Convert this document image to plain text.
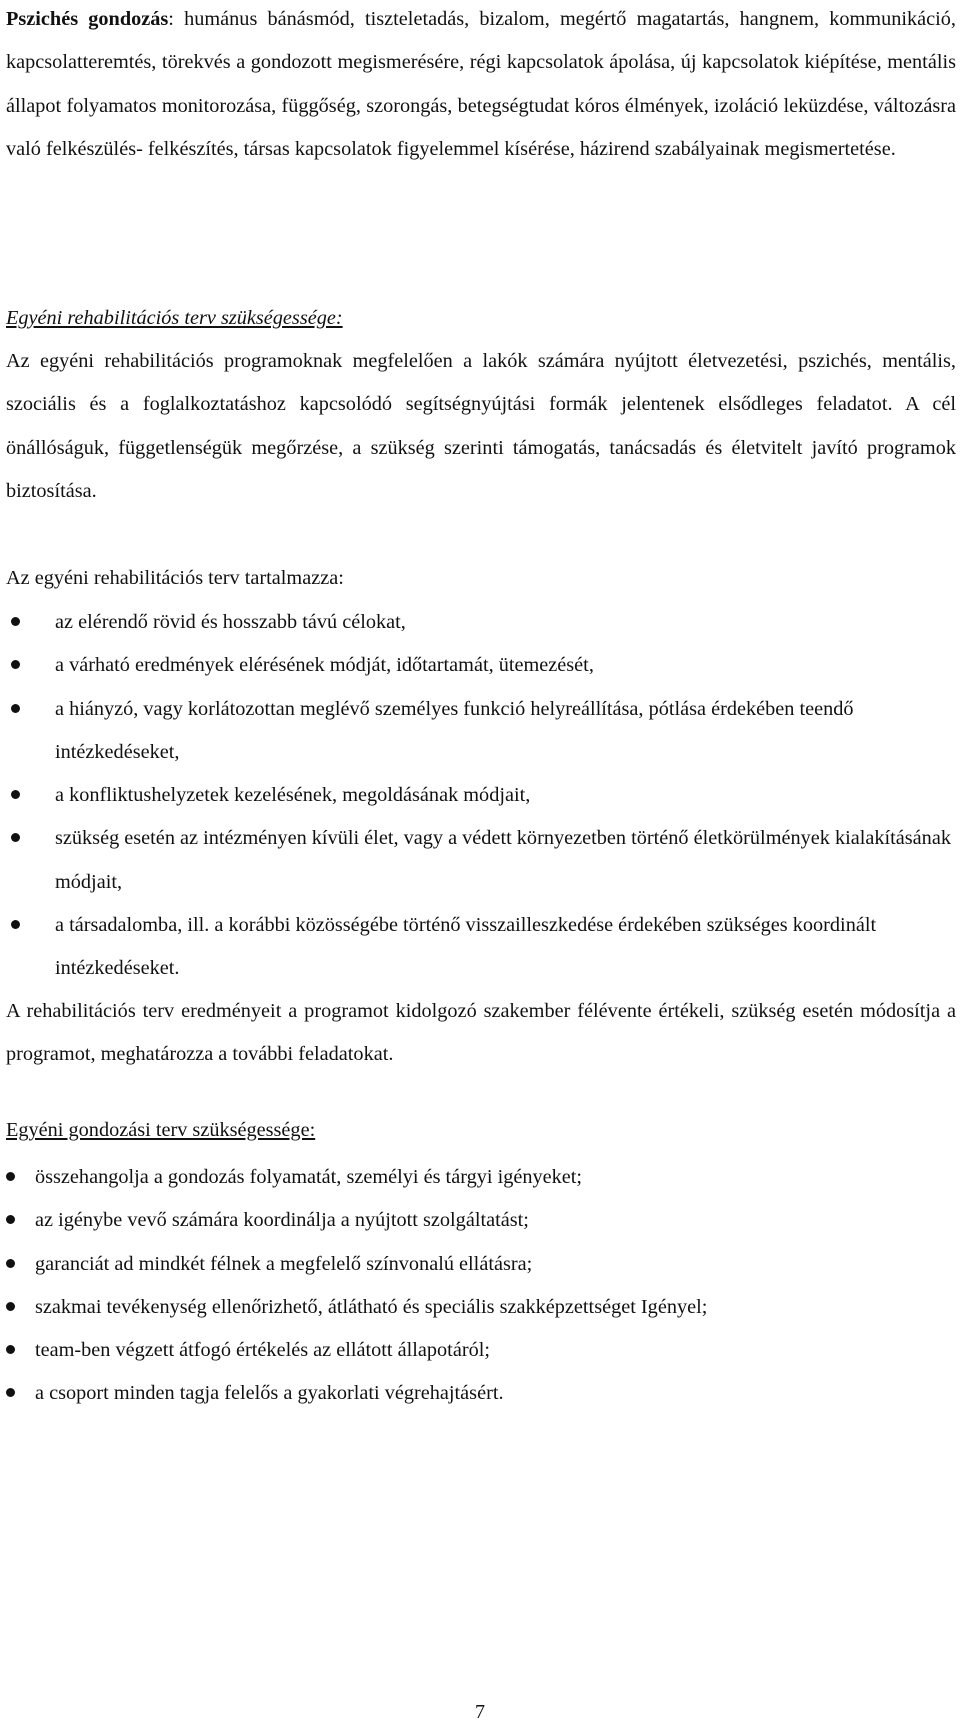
Pszichés gondozás: humánus bánásmód, tiszteletadás, bizalom, megértő magatartás, hangnem, kommunikáció, kapcsolatteremtés, törekvés a gondozott megismerésére, régi kapcsolatok ápolása, új kapcsolatok kiépítése, mentális állapot folyamatos monitorozása, függőség, szorongás, betegségtudat kóros élmények, izoláció leküzdése, változásra való felkészülés- felkészítés, társas kapcsolatok figyelemmel kísérése, házirend szabályainak megismertetése.

Egyéni rehabilitációs terv szükségessége:

Az egyéni rehabilitációs programoknak megfelelően a lakók számára nyújtott életvezetési, pszichés, mentális, szociális és a foglalkoztatáshoz kapcsolódó segítségnyújtási formák jelentenek elsődleges feladatot. A cél önállóságuk, függetlenségük megőrzése, a szükség szerinti támogatás, tanácsadás és életvitelt javító programok biztosítása.

Az egyéni rehabilitációs terv tartalmazza:

az elérendő rövid és hosszabb távú célokat,
a várható eredmények elérésének módját, időtartamát, ütemezését,
a hiányzó, vagy korlátozottan meglévő személyes funkció helyreállítása, pótlása érdekében teendő intézkedéseket,
a konfliktushelyzetek kezelésének, megoldásának módjait,
szükség esetén az intézményen kívüli élet, vagy a védett környezetben történő életkörülmények kialakításának módjait,
a társadalomba, ill. a korábbi közösségébe történő visszailleszkedése érdekében szükséges koordinált intézkedéseket.

A rehabilitációs terv eredményeit a programot kidolgozó szakember félévente értékeli, szükség esetén módosítja a programot, meghatározza a további feladatokat.

Egyéni gondozási terv szükségessége:

összehangolja a gondozás folyamatát, személyi és tárgyi igényeket;
az igénybe vevő számára koordinálja a nyújtott szolgáltatást;
garanciát ad mindkét félnek a megfelelő színvonalú ellátásra;
szakmai tevékenység ellenőrizhető, átlátható és speciális szakképzettséget Igényel;
team-ben végzett átfogó értékelés az ellátott állapotáról;
a csoport minden tagja felelős a gyakorlati végrehajtásért.
7
